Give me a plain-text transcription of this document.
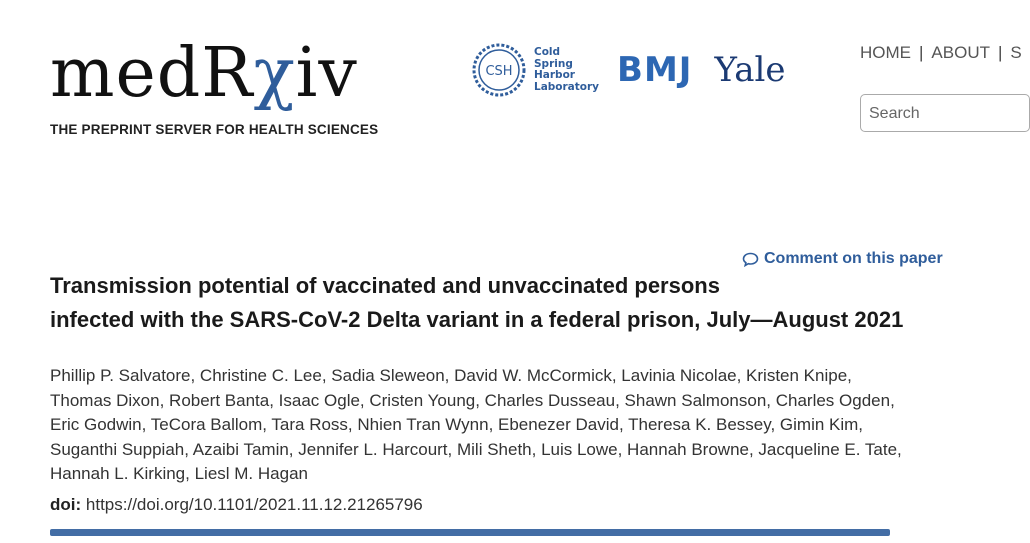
medRχiv
THE PREPRINT SERVER FOR HEALTH SCIENCES
CSH
Cold
Spring
Harbor
Laboratory BMJ Yale	HOME | ABOUT | S
Search
Comment on this paper
Transmission potential of vaccinated and unvaccinated persons
infected with the SARS-CoV-2 Delta variant in a federal prison, July—August 2021
Phillip P. Salvatore, Christine C. Lee, Sadia Sleweon, David W. McCormick, Lavinia Nicolae, Kristen Knipe,
Thomas Dixon, Robert Banta, Isaac Ogle, Cristen Young, Charles Dusseau, Shawn Salmonson, Charles Ogden,
Eric Godwin, TeCora Ballom, Tara Ross, Nhien Tran Wynn, Ebenezer David, Theresa K. Bessey, Gimin Kim,
Suganthi Suppiah, Azaibi Tamin, Jennifer L. Harcourt, Mili Sheth, Luis Lowe, Hannah Browne, Jacqueline E. Tate,
Hannah L. Kirking, Liesl M. Hagan
doi: https://doi.org/10.1101/2021.11.12.21265796
